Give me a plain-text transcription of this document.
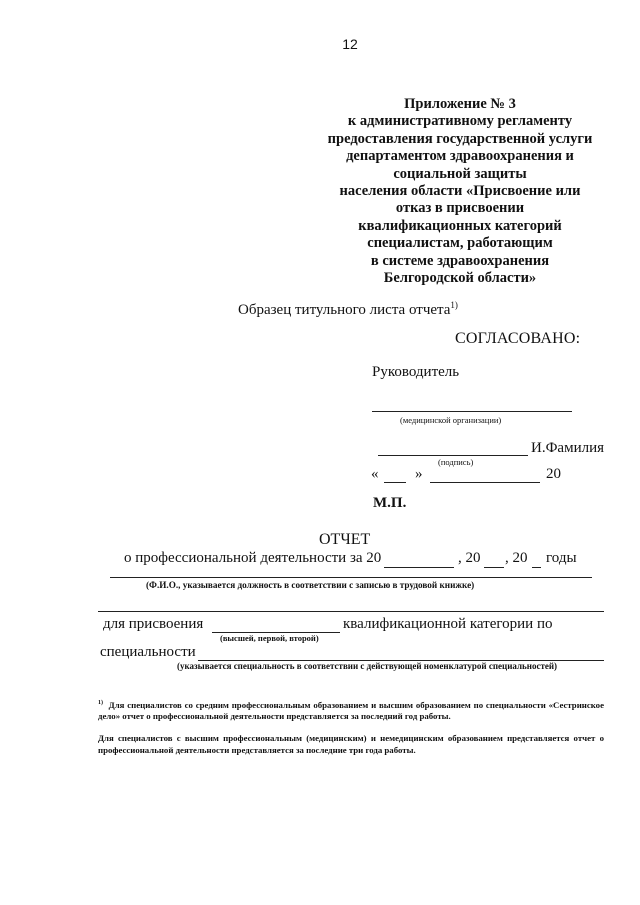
12
Приложение № 3
к административному регламенту
предоставления государственной услуги
департаментом здравоохранения и
социальной защиты
населения области «Присвоение или
отказ в присвоении
квалификационных категорий
специалистам, работающим
в системе здравоохранения
Белгородской области»
Образец титульного листа отчета$^{1)}$
СОГЛАСОВАНО:
Руководитель
(медицинской организации)
И.Фамилия
(подпись)
« »	20
М.П.
ОТЧЕТ
о профессиональной деятельности за 20	, 20 , 20 годы
(Ф.И.О., указывается должность в соответствии с записью в трудовой книжке)
для присвоения	квалификационной категории по
(высшей, первой, второй)
специальности
(указывается специальность в соответствии с действующей номенклатурой специальностей)
$^{1)}$ Для специалистов со средним профессиональным образованием и высшим образованием по специальности «Сестринское дело» отчет о профессиональной деятельности представляется за последний год работы.
Для специалистов с высшим профессиональным (медицинским) и немедицинским образованием представляется отчет о профессиональной деятельности представляется за последние три года работы.
